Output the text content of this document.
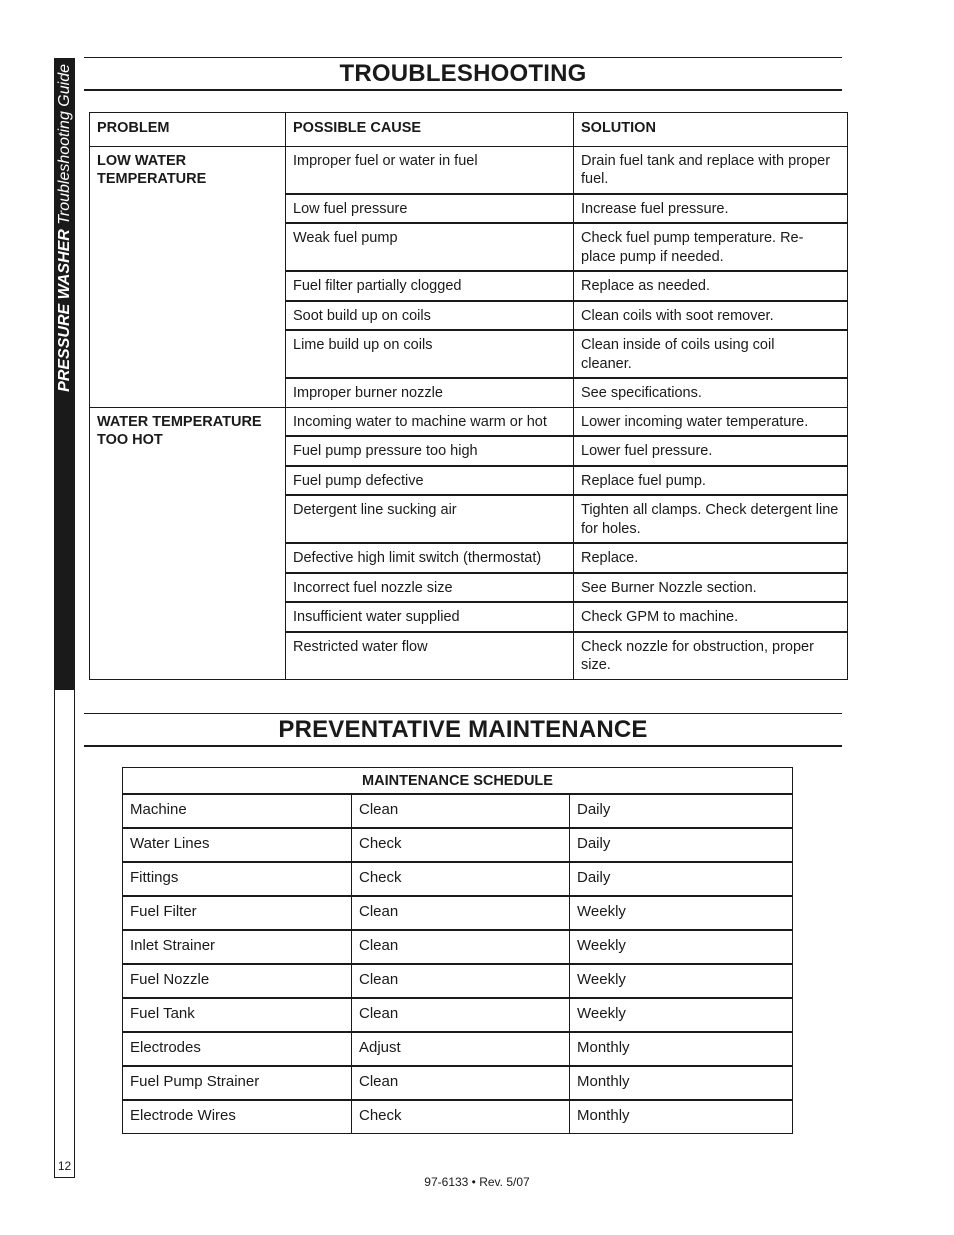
PRESSURE WASHER Troubleshooting Guide
12
TROUBLESHOOTING
PROBLEM	POSSIBLE CAUSE	SOLUTION
LOW WATER TEMPERATURE	Improper fuel or water in fuel	Drain fuel tank and replace with proper fuel.
	Low fuel pressure	Increase fuel pressure.
	Weak fuel pump	Check fuel pump temperature. Re-place pump if needed.
	Fuel filter partially clogged	Replace as needed.
	Soot build up on coils	Clean coils with soot remover.
	Lime build up on coils	Clean inside of coils using coil cleaner.
	Improper burner nozzle	See specifications.
WATER TEMPERATURE TOO HOT	Incoming water to machine warm or hot	Lower incoming water temperature.
	Fuel pump pressure too high	Lower fuel pressure.
	Fuel pump defective	Replace fuel pump.
	Detergent line sucking air	Tighten all clamps. Check detergent line for holes.
	Defective high limit switch (thermostat)	Replace.
	Incorrect fuel nozzle size	See Burner Nozzle section.
	Insufficient water supplied	Check GPM to machine.
	Restricted water flow	Check nozzle for obstruction, proper size.
PREVENTATIVE MAINTENANCE
MAINTENANCE SCHEDULE		
Machine	Clean	Daily
Water Lines	Check	Daily
Fittings	Check	Daily
Fuel Filter	Clean	Weekly
Inlet Strainer	Clean	Weekly
Fuel Nozzle	Clean	Weekly
Fuel Tank	Clean	Weekly
Electrodes	Adjust	Monthly
Fuel Pump Strainer	Clean	Monthly
Electrode Wires	Check	Monthly
97-6133 • Rev. 5/07
